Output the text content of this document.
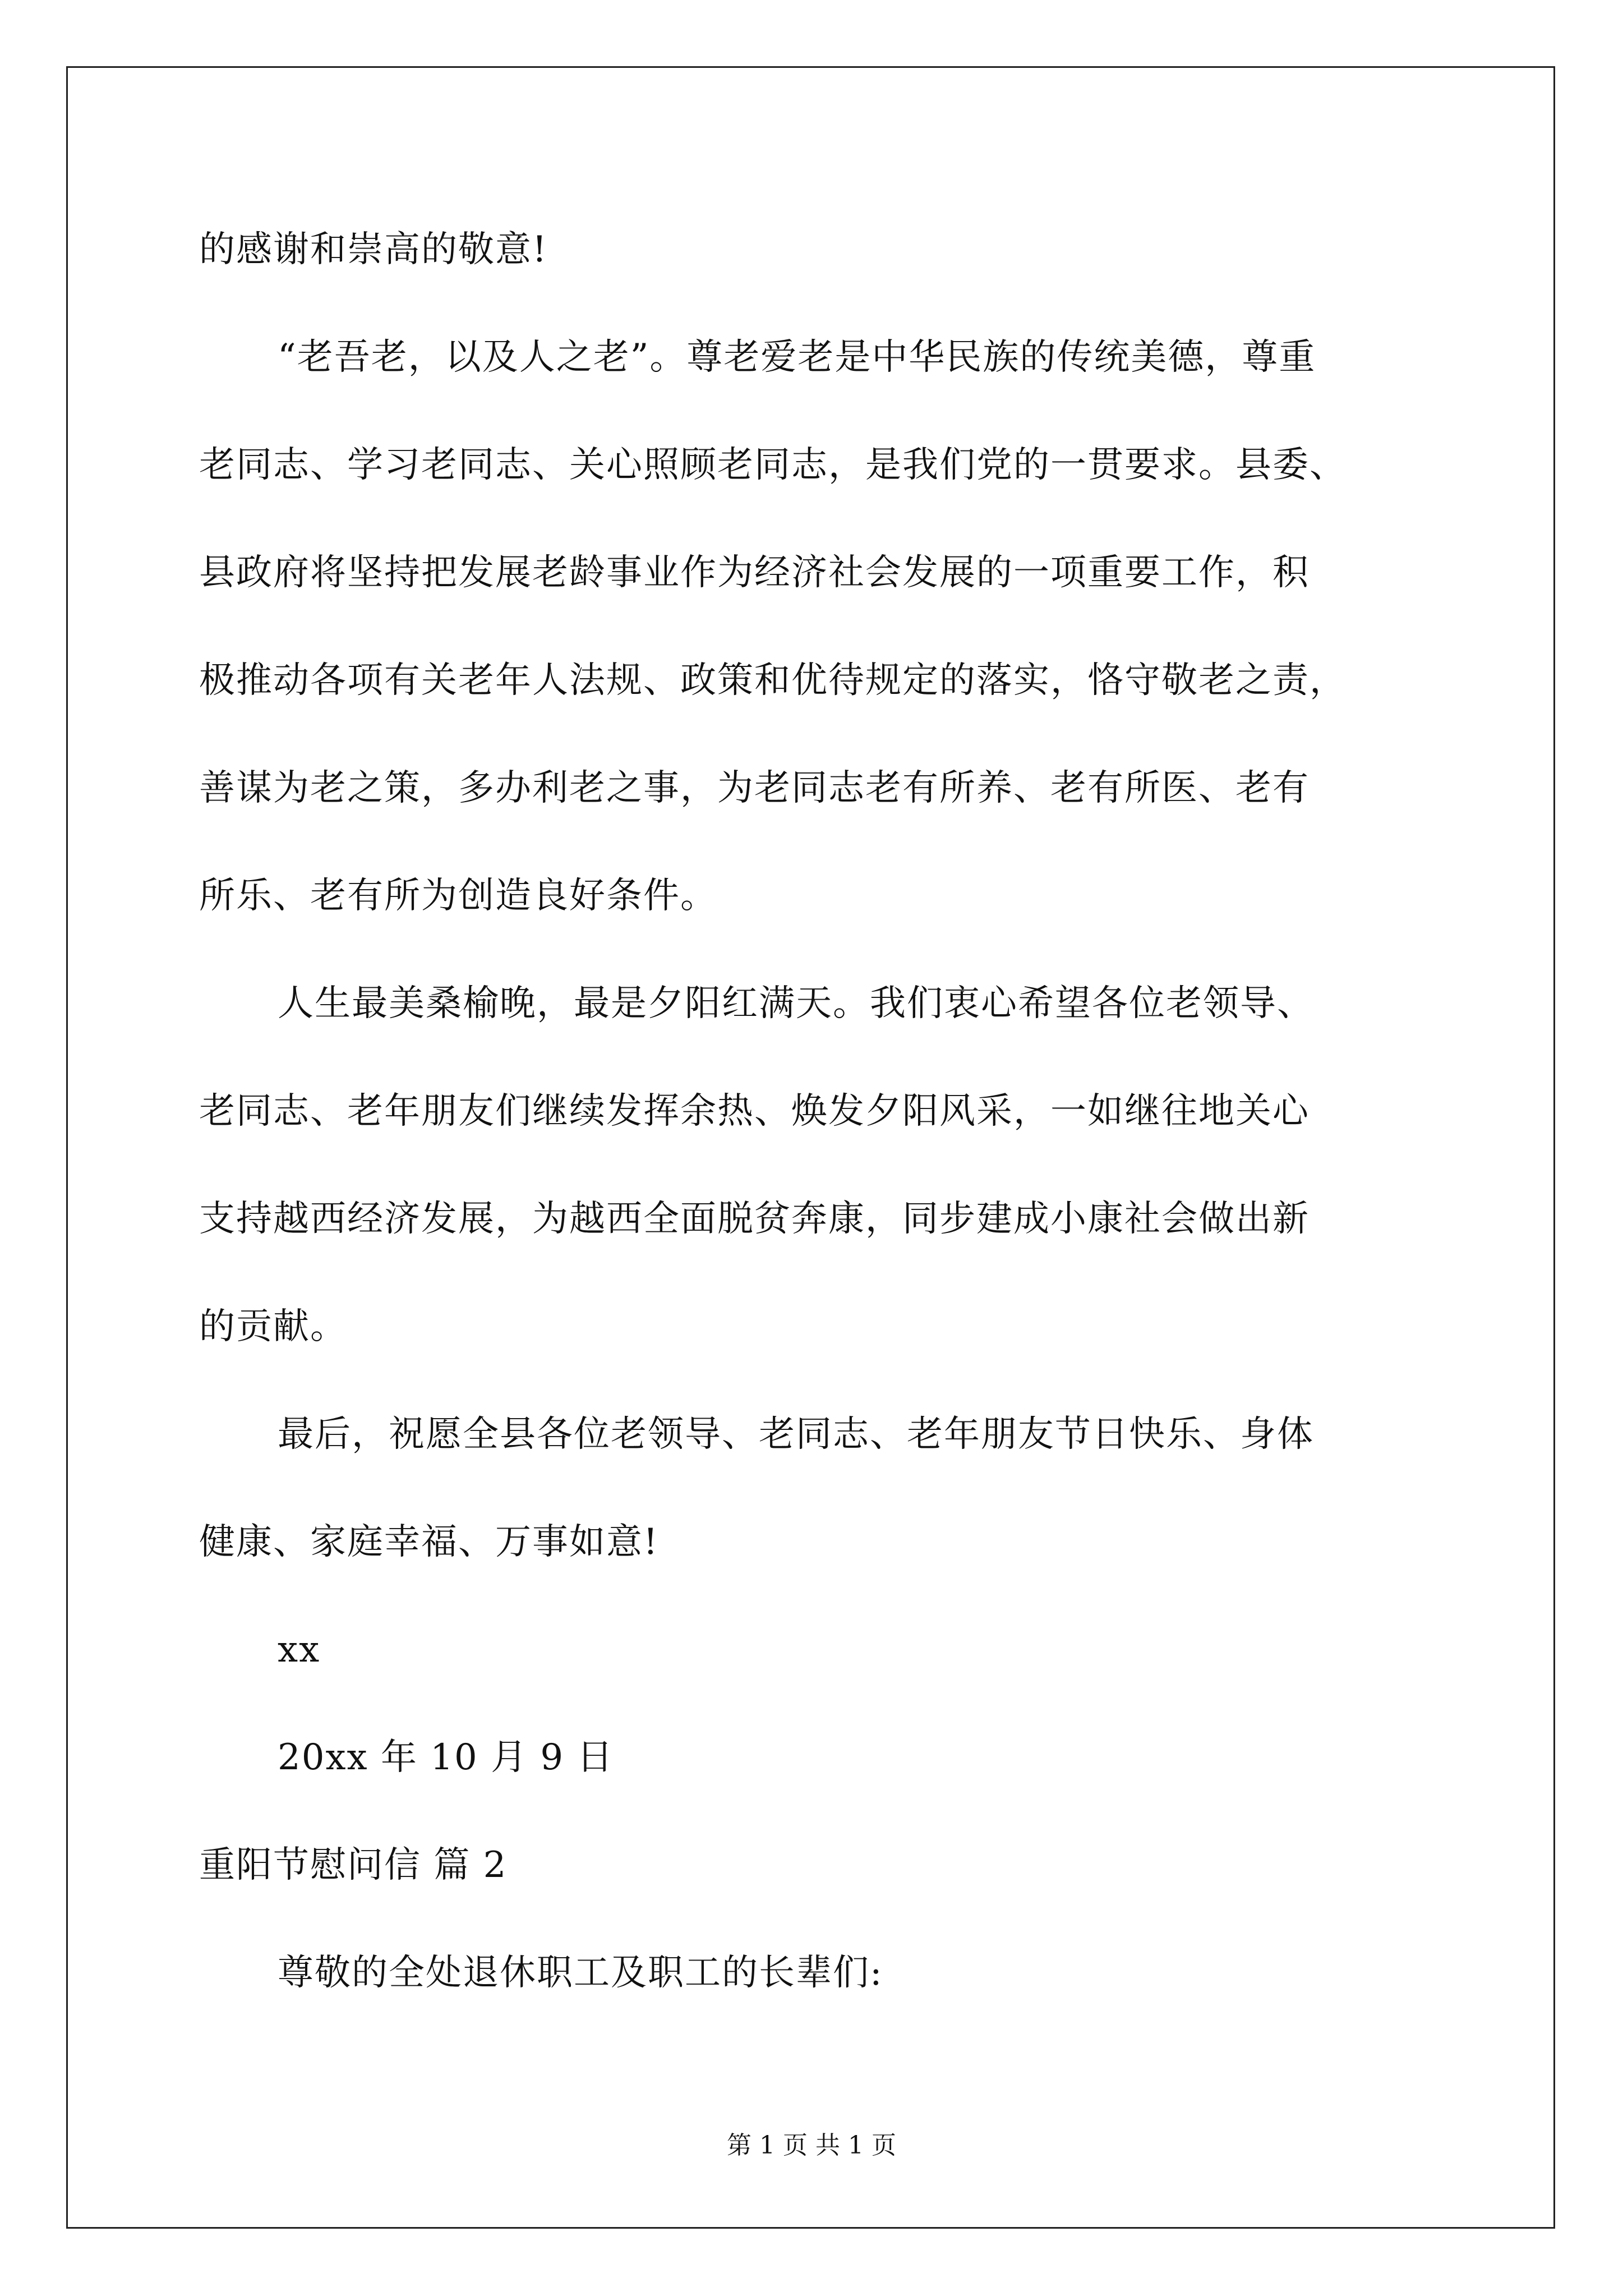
的感谢和崇高的敬意!
“老吾老，以及人之老”。尊老爱老是中华民族的传统美德，尊重
老同志、学习老同志、关心照顾老同志，是我们党的一贯要求。县委、
县政府将坚持把发展老龄事业作为经济社会发展的一项重要工作，积
极推动各项有关老年人法规、政策和优待规定的落实，恪守敬老之责，
善谋为老之策，多办利老之事，为老同志老有所养、老有所医、老有
所乐、老有所为创造良好条件。
人生最美桑榆晚，最是夕阳红满天。我们衷心希望各位老领导、
老同志、老年朋友们继续发挥余热、焕发夕阳风采，一如继往地关心
支持越西经济发展，为越西全面脱贫奔康，同步建成小康社会做出新
的贡献。
最后，祝愿全县各位老领导、老同志、老年朋友节日快乐、身体
健康、家庭幸福、万事如意!
xx
20xx 年 10 月 9 日
重阳节慰问信 篇 2
尊敬的全处退休职工及职工的长辈们:
第 1 页 共 1 页
